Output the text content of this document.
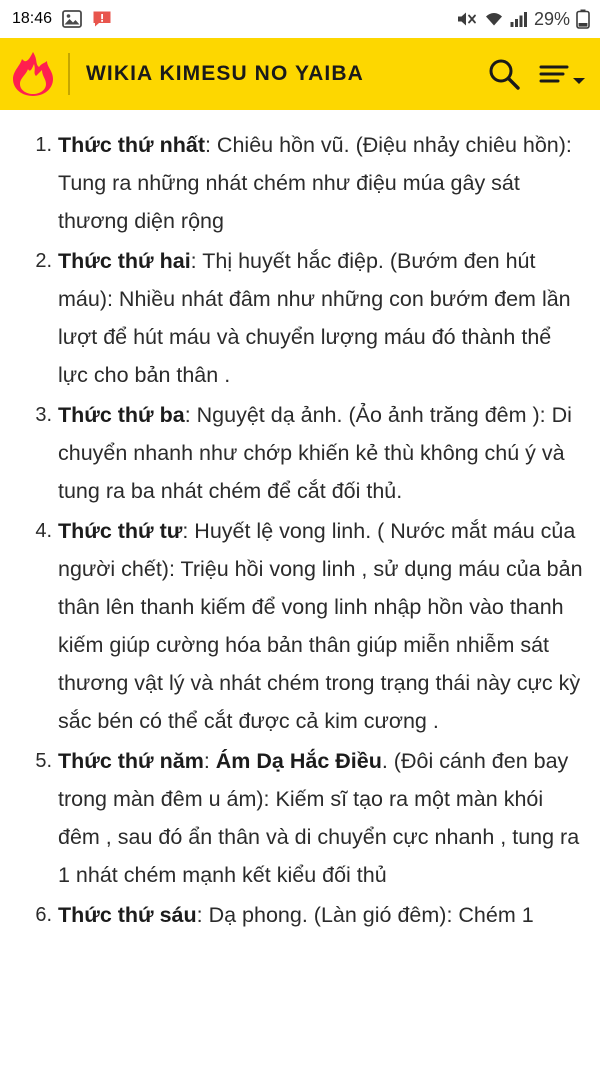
18:46	29%
WIKIA KIMESU NO YAIBA
Thức thứ nhất: Chiêu hồn vũ. (Điệu nhảy chiêu hồn): Tung ra những nhát chém như điệu múa gây sát thương diện rộng
Thức thứ hai: Thị huyết hắc điệp. (Bướm đen hút máu): Nhiều nhát đâm như những con bướm đem lần lượt để hút máu và chuyển lượng máu đó thành thể lực cho bản thân .
Thức thứ ba: Nguyệt dạ ảnh. (Ảo ảnh trăng đêm ): Di chuyển nhanh như chớp khiến kẻ thù không chú ý và tung ra ba nhát chém để cắt đối thủ.
Thức thứ tư: Huyết lệ vong linh. ( Nước mắt máu của người chết): Triệu hồi vong linh , sử dụng máu của bản thân lên thanh kiếm để vong linh nhập hồn vào thanh kiếm giúp cường hóa bản thân giúp miễn nhiễm sát thương vật lý và nhát chém trong trạng thái này cực kỳ sắc bén có thể cắt được cả kim cương .
Thức thứ năm: Ám Dạ Hắc Điều. (Đôi cánh đen bay trong màn đêm u ám): Kiếm sĩ tạo ra một màn khói đêm , sau đó ẩn thân và di chuyển cực nhanh , tung ra 1 nhát chém mạnh kết kiểu đối thủ
Thức thứ sáu: Dạ phong. (Làn gió đêm): Chém 1
